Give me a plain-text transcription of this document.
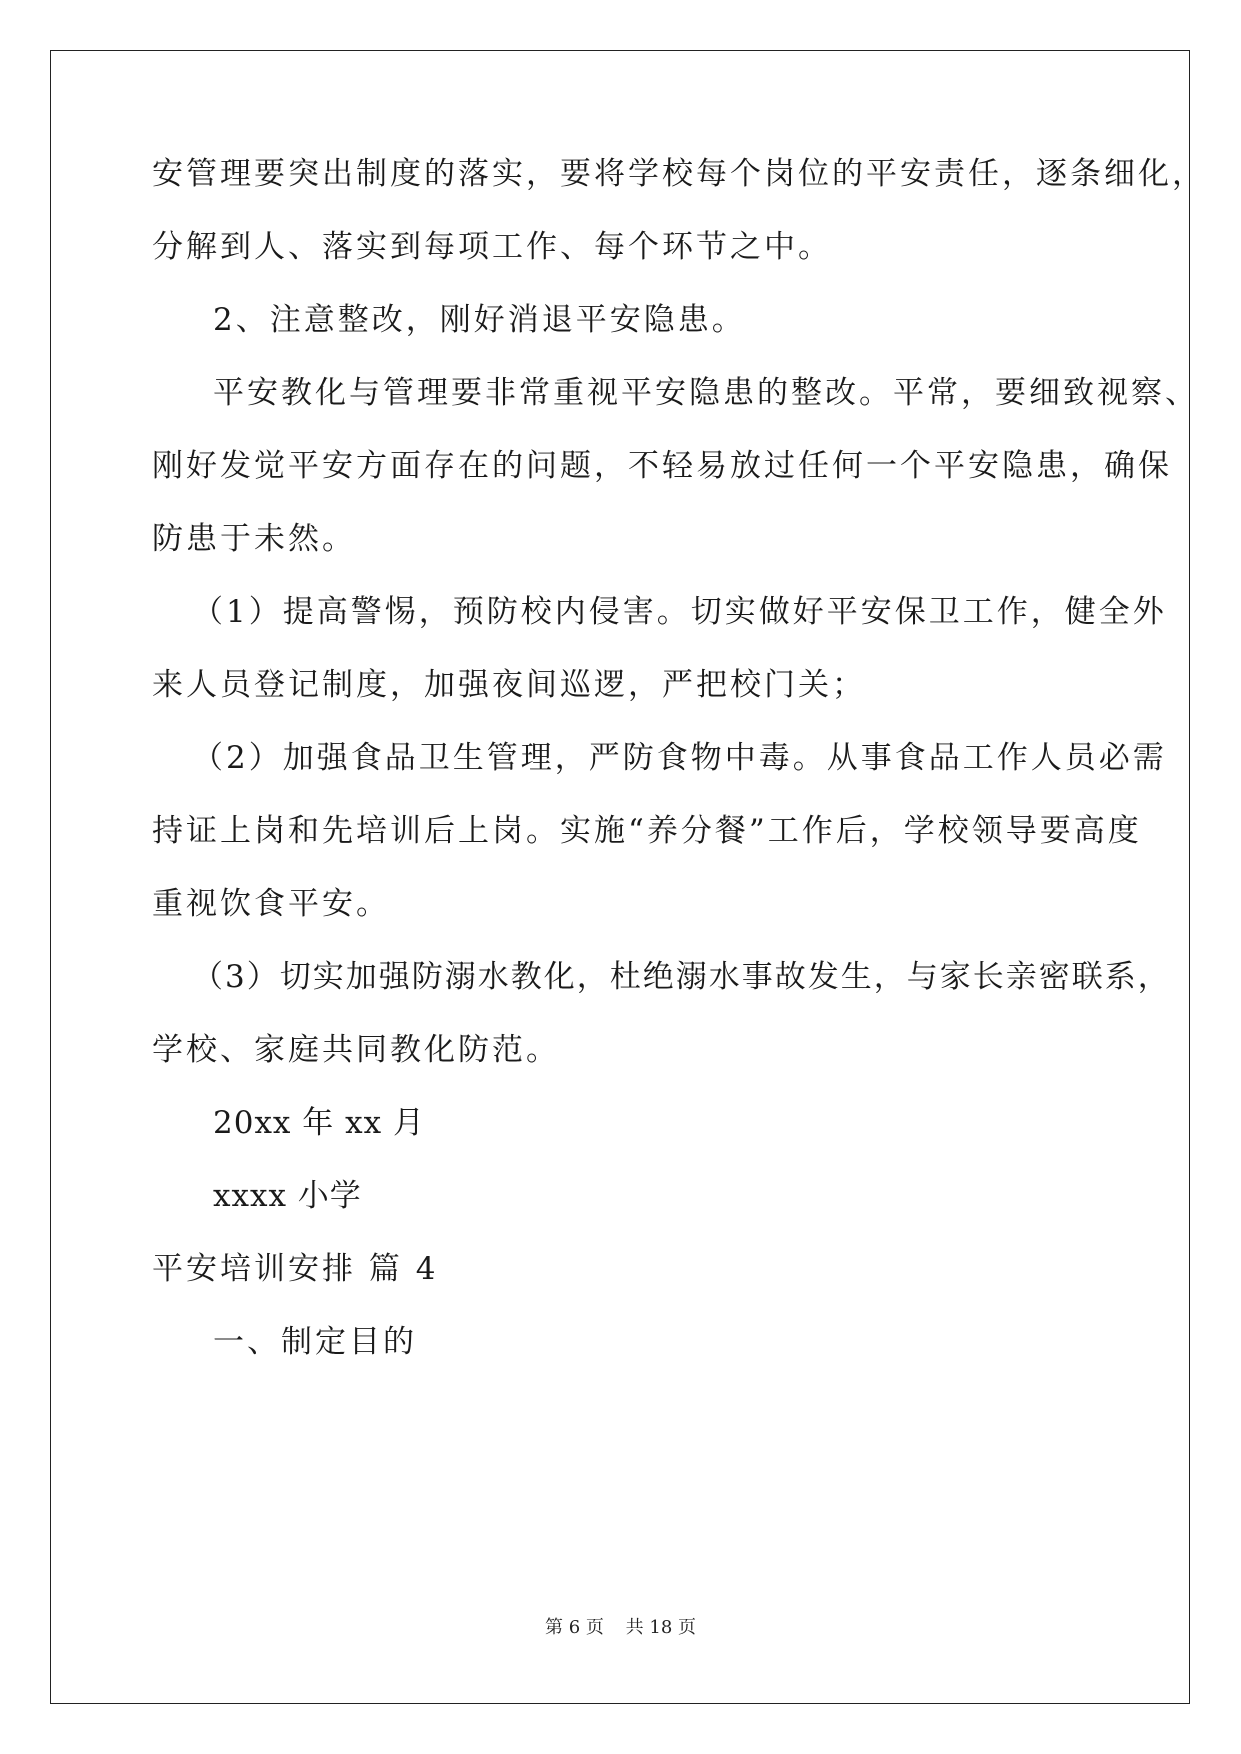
安管理要突出制度的落实，要将学校每个岗位的平安责任，逐条细化，
分解到人、落实到每项工作、每个环节之中。
2、注意整改，刚好消退平安隐患。
平安教化与管理要非常重视平安隐患的整改。平常，要细致视察、
刚好发觉平安方面存在的问题，不轻易放过任何一个平安隐患，确保
防患于未然。
（1）提高警惕，预防校内侵害。切实做好平安保卫工作，健全外
来人员登记制度，加强夜间巡逻，严把校门关；
（2）加强食品卫生管理，严防食物中毒。从事食品工作人员必需
持证上岗和先培训后上岗。实施“养分餐”工作后，学校领导要高度
重视饮食平安。
（3）切实加强防溺水教化，杜绝溺水事故发生，与家长亲密联系，
学校、家庭共同教化防范。
20xx 年 xx 月
xxxx 小学
平安培训安排 篇 4
一、制定目的
第 6 页 共 18 页
